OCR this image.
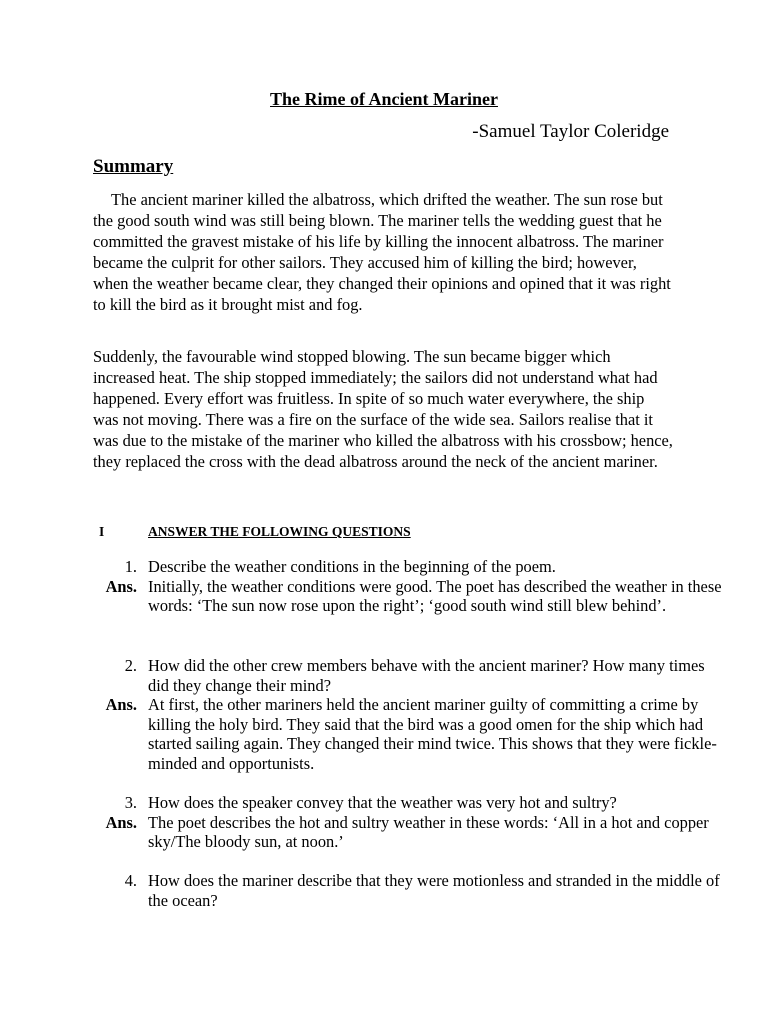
The Rime of Ancient Mariner
-Samuel Taylor Coleridge
Summary

The ancient mariner killed the albatross, which drifted the weather. The sun rose but the good south wind was still being blown. The mariner tells the wedding guest that he committed the gravest mistake of his life by killing the innocent albatross. The mariner became the culprit for other sailors. They accused him of killing the bird; however, when the weather became clear, they changed their opinions and opined that it was right to kill the bird as it brought mist and fog.

Suddenly, the favourable wind stopped blowing. The sun became bigger which increased heat. The ship stopped immediately; the sailors did not understand what had happened. Every effort was fruitless. In spite of so much water everywhere, the ship was not moving. There was a fire on the surface of the wide sea. Sailors realise that it was due to the mistake of the mariner who killed the albatross with his crossbow; hence, they replaced the cross with the dead albatross around the neck of the ancient mariner.

I	ANSWER THE FOLLOWING QUESTIONS
1. Describe the weather conditions in the beginning of the poem.
Ans. Initially, the weather conditions were good. The poet has described the weather in these words: ‘The sun now rose upon the right’; ‘good south wind still blew behind’.
2. How did the other crew members behave with the ancient mariner? How many times did they change their mind?
Ans. At first, the other mariners held the ancient mariner guilty of committing a crime by killing the holy bird. They said that the bird was a good omen for the ship which had started sailing again. They changed their mind twice. This shows that they were fickle-minded and opportunists.
3. How does the speaker convey that the weather was very hot and sultry?
Ans. The poet describes the hot and sultry weather in these words: ‘All in a hot and copper sky/The bloody sun, at noon.’
4. How does the mariner describe that they were motionless and stranded in the middle of the ocean?
